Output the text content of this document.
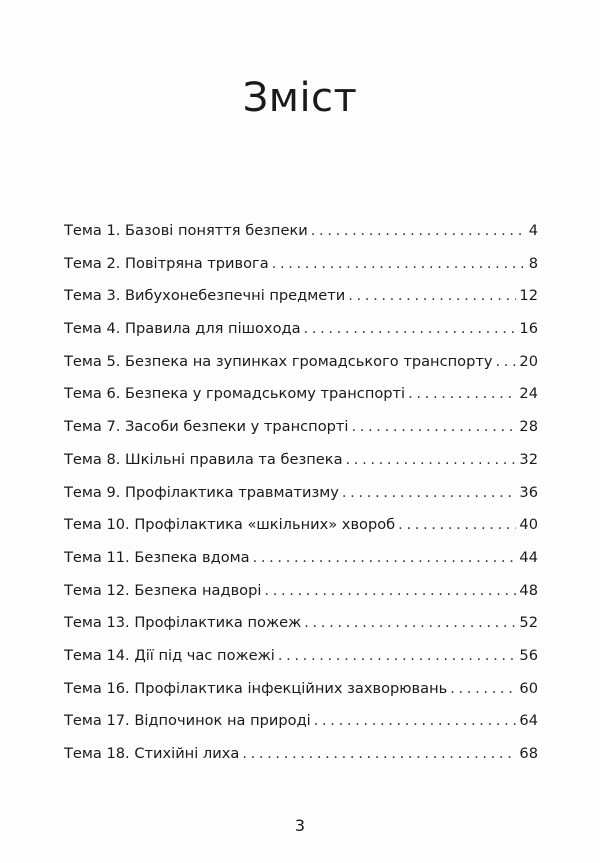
Зміст
Тема 1. Базові поняття безпеки . . .	4
Тема 2. Повітряна тривога . . .	8
Тема 3. Вибухонебезпечні предмети . . .	12
Тема 4. Правила для пішохода . . .	16
Тема 5. Безпека на зупинках громадського транспорту . . . 20
Тема 6. Безпека у громадському транспорті . . .	24
Тема 7. Засоби безпеки у транспорті . . .	28
Тема 8. Шкільні правила та безпека . . .	32
Тема 9. Профілактика травматизму . . .	36
Тема 10. Профілактика «шкільних» хвороб . . .	40
Тема 11. Безпека вдома . . .	44
Тема 12. Безпека надворі . . .	48
Тема 13. Профілактика пожеж . . .	52
Тема 14. Дії під час пожежі . . .	56
Тема 16. Профілактика інфекційних захворювань . . .	60
Тема 17. Відпочинок на природі . . .	64
Тема 18. Стихійні лиха . . .	68
3
